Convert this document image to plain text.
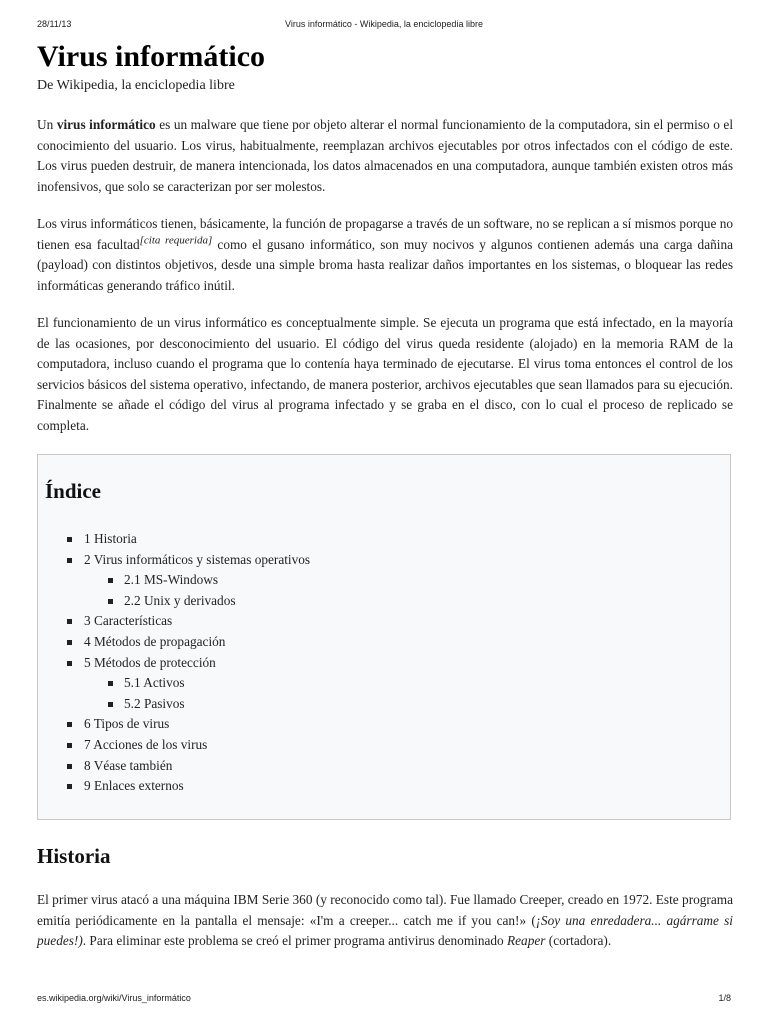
28/11/13	Virus informático - Wikipedia, la enciclopedia libre
Virus informático
De Wikipedia, la enciclopedia libre

Un virus informático es un malware que tiene por objeto alterar el normal funcionamiento de la computadora, sin el permiso o el conocimiento del usuario. Los virus, habitualmente, reemplazan archivos ejecutables por otros infectados con el código de este. Los virus pueden destruir, de manera intencionada, los datos almacenados en una computadora, aunque también existen otros más inofensivos, que solo se caracterizan por ser molestos.

Los virus informáticos tienen, básicamente, la función de propagarse a través de un software, no se replican a sí mismos porque no tienen esa facultad[cita requerida] como el gusano informático, son muy nocivos y algunos contienen además una carga dañina (payload) con distintos objetivos, desde una simple broma hasta realizar daños importantes en los sistemas, o bloquear las redes informáticas generando tráfico inútil.

El funcionamiento de un virus informático es conceptualmente simple. Se ejecuta un programa que está infectado, en la mayoría de las ocasiones, por desconocimiento del usuario. El código del virus queda residente (alojado) en la memoria RAM de la computadora, incluso cuando el programa que lo contenía haya terminado de ejecutarse. El virus toma entonces el control de los servicios básicos del sistema operativo, infectando, de manera posterior, archivos ejecutables que sean llamados para su ejecución. Finalmente se añade el código del virus al programa infectado y se graba en el disco, con lo cual el proceso de replicado se completa.

Índice
1 Historia
2 Virus informáticos y sistemas operativos
2.1 MS-Windows
2.2 Unix y derivados
3 Características
4 Métodos de propagación
5 Métodos de protección
5.1 Activos
5.2 Pasivos
6 Tipos de virus
7 Acciones de los virus
8 Véase también
9 Enlaces externos
Historia

El primer virus atacó a una máquina IBM Serie 360 (y reconocido como tal). Fue llamado Creeper, creado en 1972. Este programa emitía periódicamente en la pantalla el mensaje: «I'm a creeper... catch me if you can!» (¡Soy una enredadera... agárrame si puedes!). Para eliminar este problema se creó el primer programa antivirus denominado Reaper (cortadora).

es.wikipedia.org/wiki/Virus_informático	1/8
